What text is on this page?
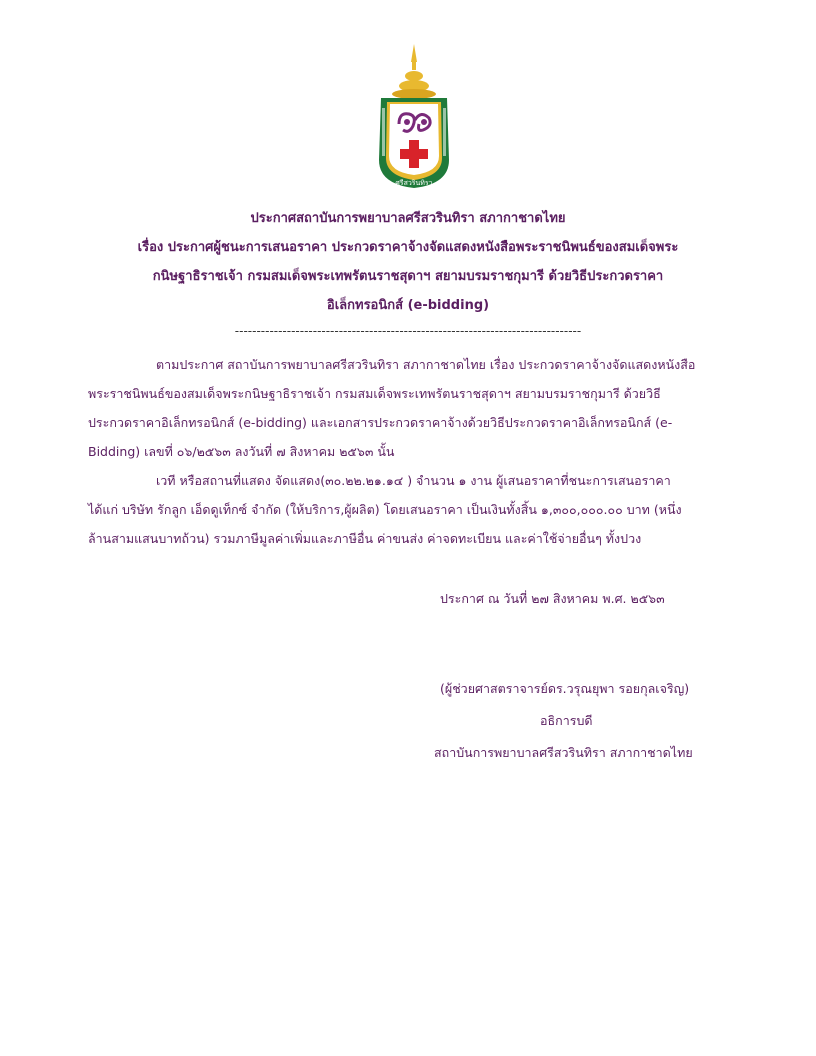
ศรีสวรินทิรา
ประกาศสถาบันการพยาบาลศรีสวรินทิรา สภากาชาดไทย
เรื่อง ประกาศผู้ชนะการเสนอราคา ประกวดราคาจ้างจัดแสดงหนังสือพระราชนิพนธ์ของสมเด็จพระ
กนิษฐาธิราชเจ้า กรมสมเด็จพระเทพรัตนราชสุดาฯ สยามบรมราชกุมารี ด้วยวิธีประกวดราคา
อิเล็กทรอนิกส์ (e-bidding)
--------------------------------------------------------------------------------
ตามประกาศ สถาบันการพยาบาลศรีสวรินทิรา สภากาชาดไทย เรื่อง ประกวดราคาจ้างจัดแสดงหนังสือ
พระราชนิพนธ์ของสมเด็จพระกนิษฐาธิราชเจ้า กรมสมเด็จพระเทพรัตนราชสุดาฯ สยามบรมราชกุมารี ด้วยวิธี
ประกวดราคาอิเล็กทรอนิกส์ (e-bidding) และเอกสารประกวดราคาจ้างด้วยวิธีประกวดราคาอิเล็กทรอนิกส์ (e-
Bidding) เลขที่ ๐๖/๒๕๖๓ ลงวันที่ ๗ สิงหาคม ๒๕๖๓ นั้น
เวที หรือสถานที่แสดง จัดแสดง(๓๐.๒๒.๒๑.๑๔ ) จำนวน ๑ งาน ผู้เสนอราคาที่ชนะการเสนอราคา
ได้แก่ บริษัท รักลูก เอ็ดดูเท็กซ์ จำกัด (ให้บริการ,ผู้ผลิต) โดยเสนอราคา เป็นเงินทั้งสิ้น ๑,๓๐๐,๐๐๐.๐๐ บาท (หนึ่ง
ล้านสามแสนบาทถ้วน) รวมภาษีมูลค่าเพิ่มและภาษีอื่น ค่าขนส่ง ค่าจดทะเบียน และค่าใช้จ่ายอื่นๆ ทั้งปวง
ประกาศ ณ วันที่ ๒๗ สิงหาคม พ.ศ. ๒๕๖๓
(ผู้ช่วยศาสตราจารย์ดร.วรุณยุพา รอยกุลเจริญ)
อธิการบดี
สถาบันการพยาบาลศรีสวรินทิรา สภากาชาดไทย
